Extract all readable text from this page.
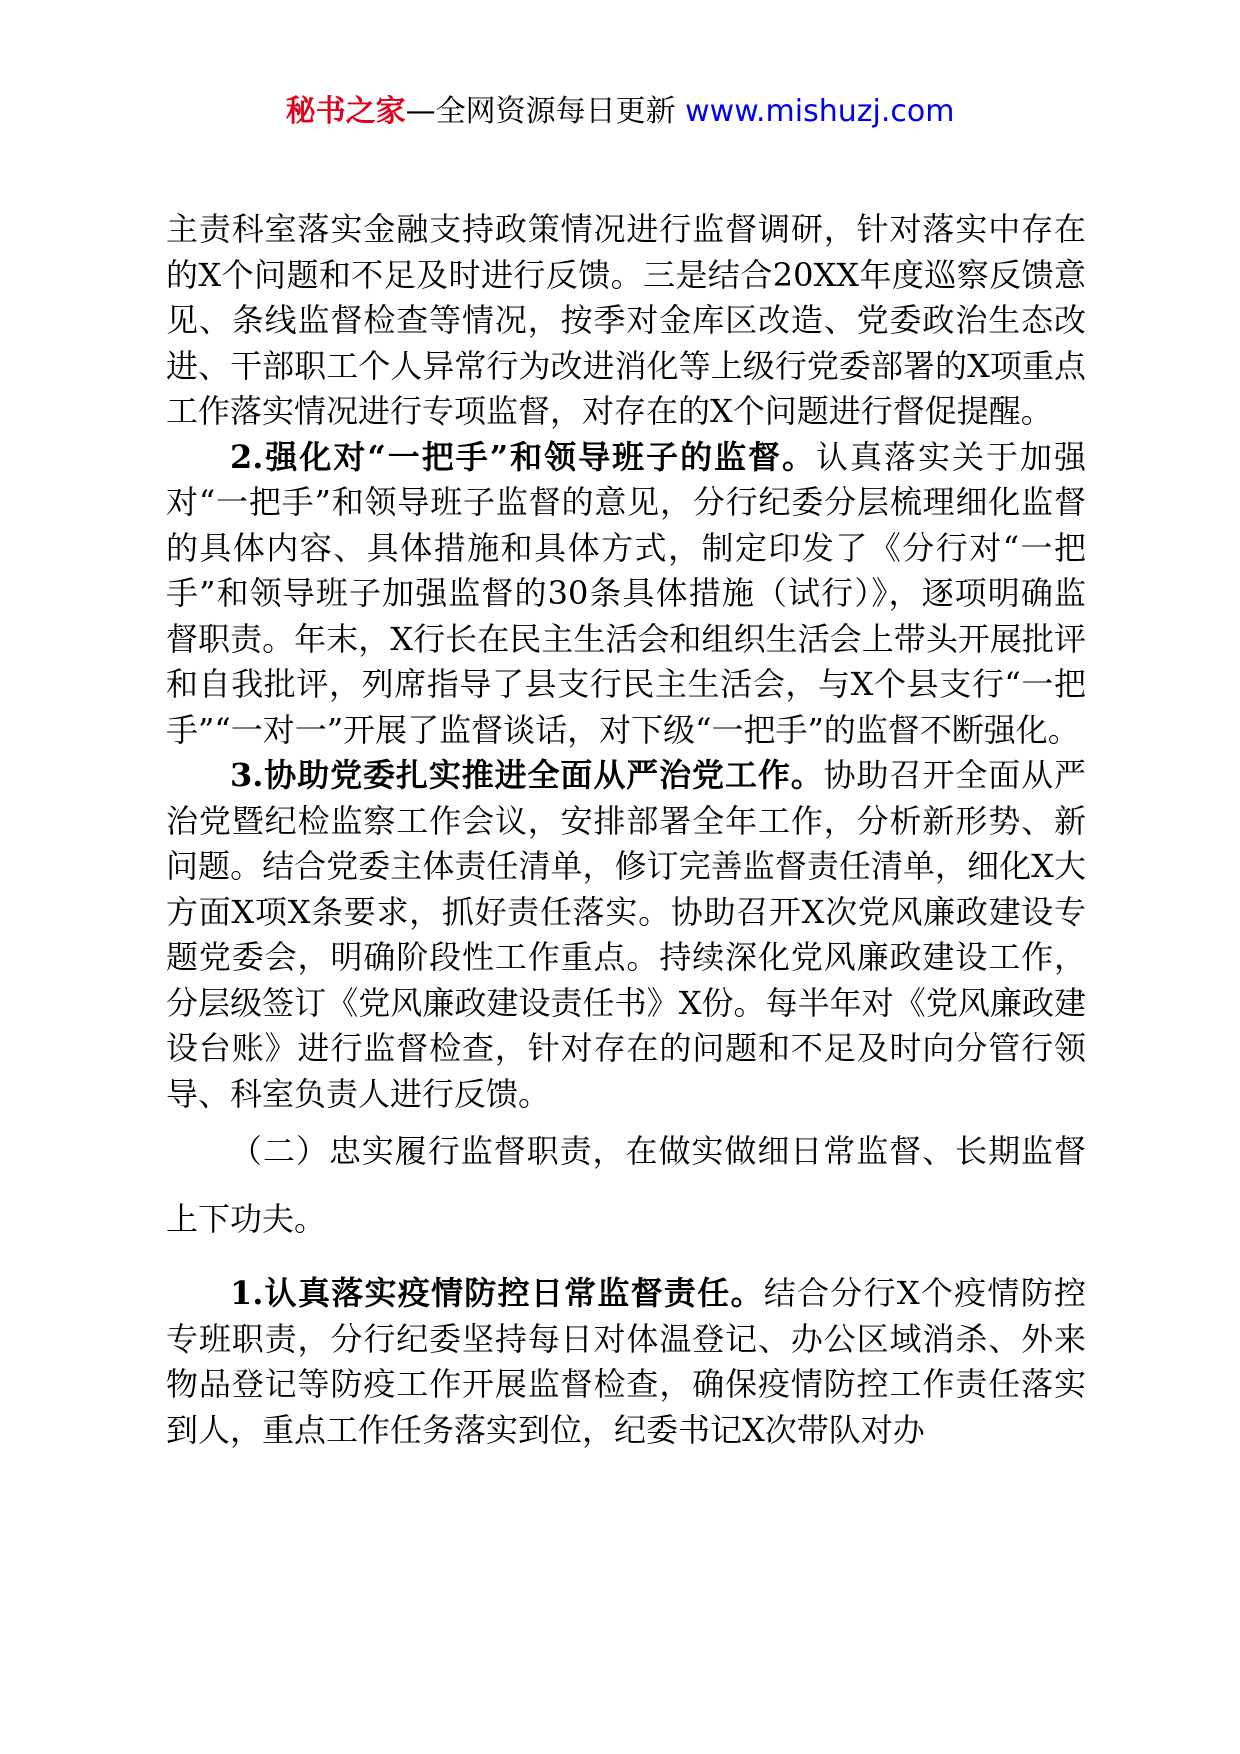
秘书之家—全网资源每日更新 www.mishuzj.com

主责科室落实金融支持政策情况进行监督调研，针对落实中存在的X个问题和不足及时进行反馈。三是结合20XX年度巡察反馈意见、条线监督检查等情况，按季对金库区改造、党委政治生态改进、干部职工个人异常行为改进消化等上级行党委部署的X项重点工作落实情况进行专项监督，对存在的X个问题进行督促提醒。

2.强化对“一把手”和领导班子的监督。认真落实关于加强对“一把手”和领导班子监督的意见，分行纪委分层梳理细化监督的具体内容、具体措施和具体方式，制定印发了《分行对“一把手”和领导班子加强监督的30条具体措施（试行）》，逐项明确监督职责。年末，X行长在民主生活会和组织生活会上带头开展批评和自我批评，列席指导了县支行民主生活会，与X个县支行“一把手”“一对一”开展了监督谈话，对下级“一把手”的监督不断强化。

3.协助党委扎实推进全面从严治党工作。协助召开全面从严治党暨纪检监察工作会议，安排部署全年工作，分析新形势、新问题。结合党委主体责任清单，修订完善监督责任清单，细化X大方面X项X条要求，抓好责任落实。协助召开X次党风廉政建设专题党委会，明确阶段性工作重点。持续深化党风廉政建设工作，分层级签订《党风廉政建设责任书》X份。每半年对《党风廉政建设台账》进行监督检查，针对存在的问题和不足及时向分管行领导、科室负责人进行反馈。

（二）忠实履行监督职责，在做实做细日常监督、长期监督上下功夫。

1.认真落实疫情防控日常监督责任。结合分行X个疫情防控专班职责，分行纪委坚持每日对体温登记、办公区域消杀、外来物品登记等防疫工作开展监督检查，确保疫情防控工作责任落实到人，重点工作任务落实到位，纪委书记X次带队对办
